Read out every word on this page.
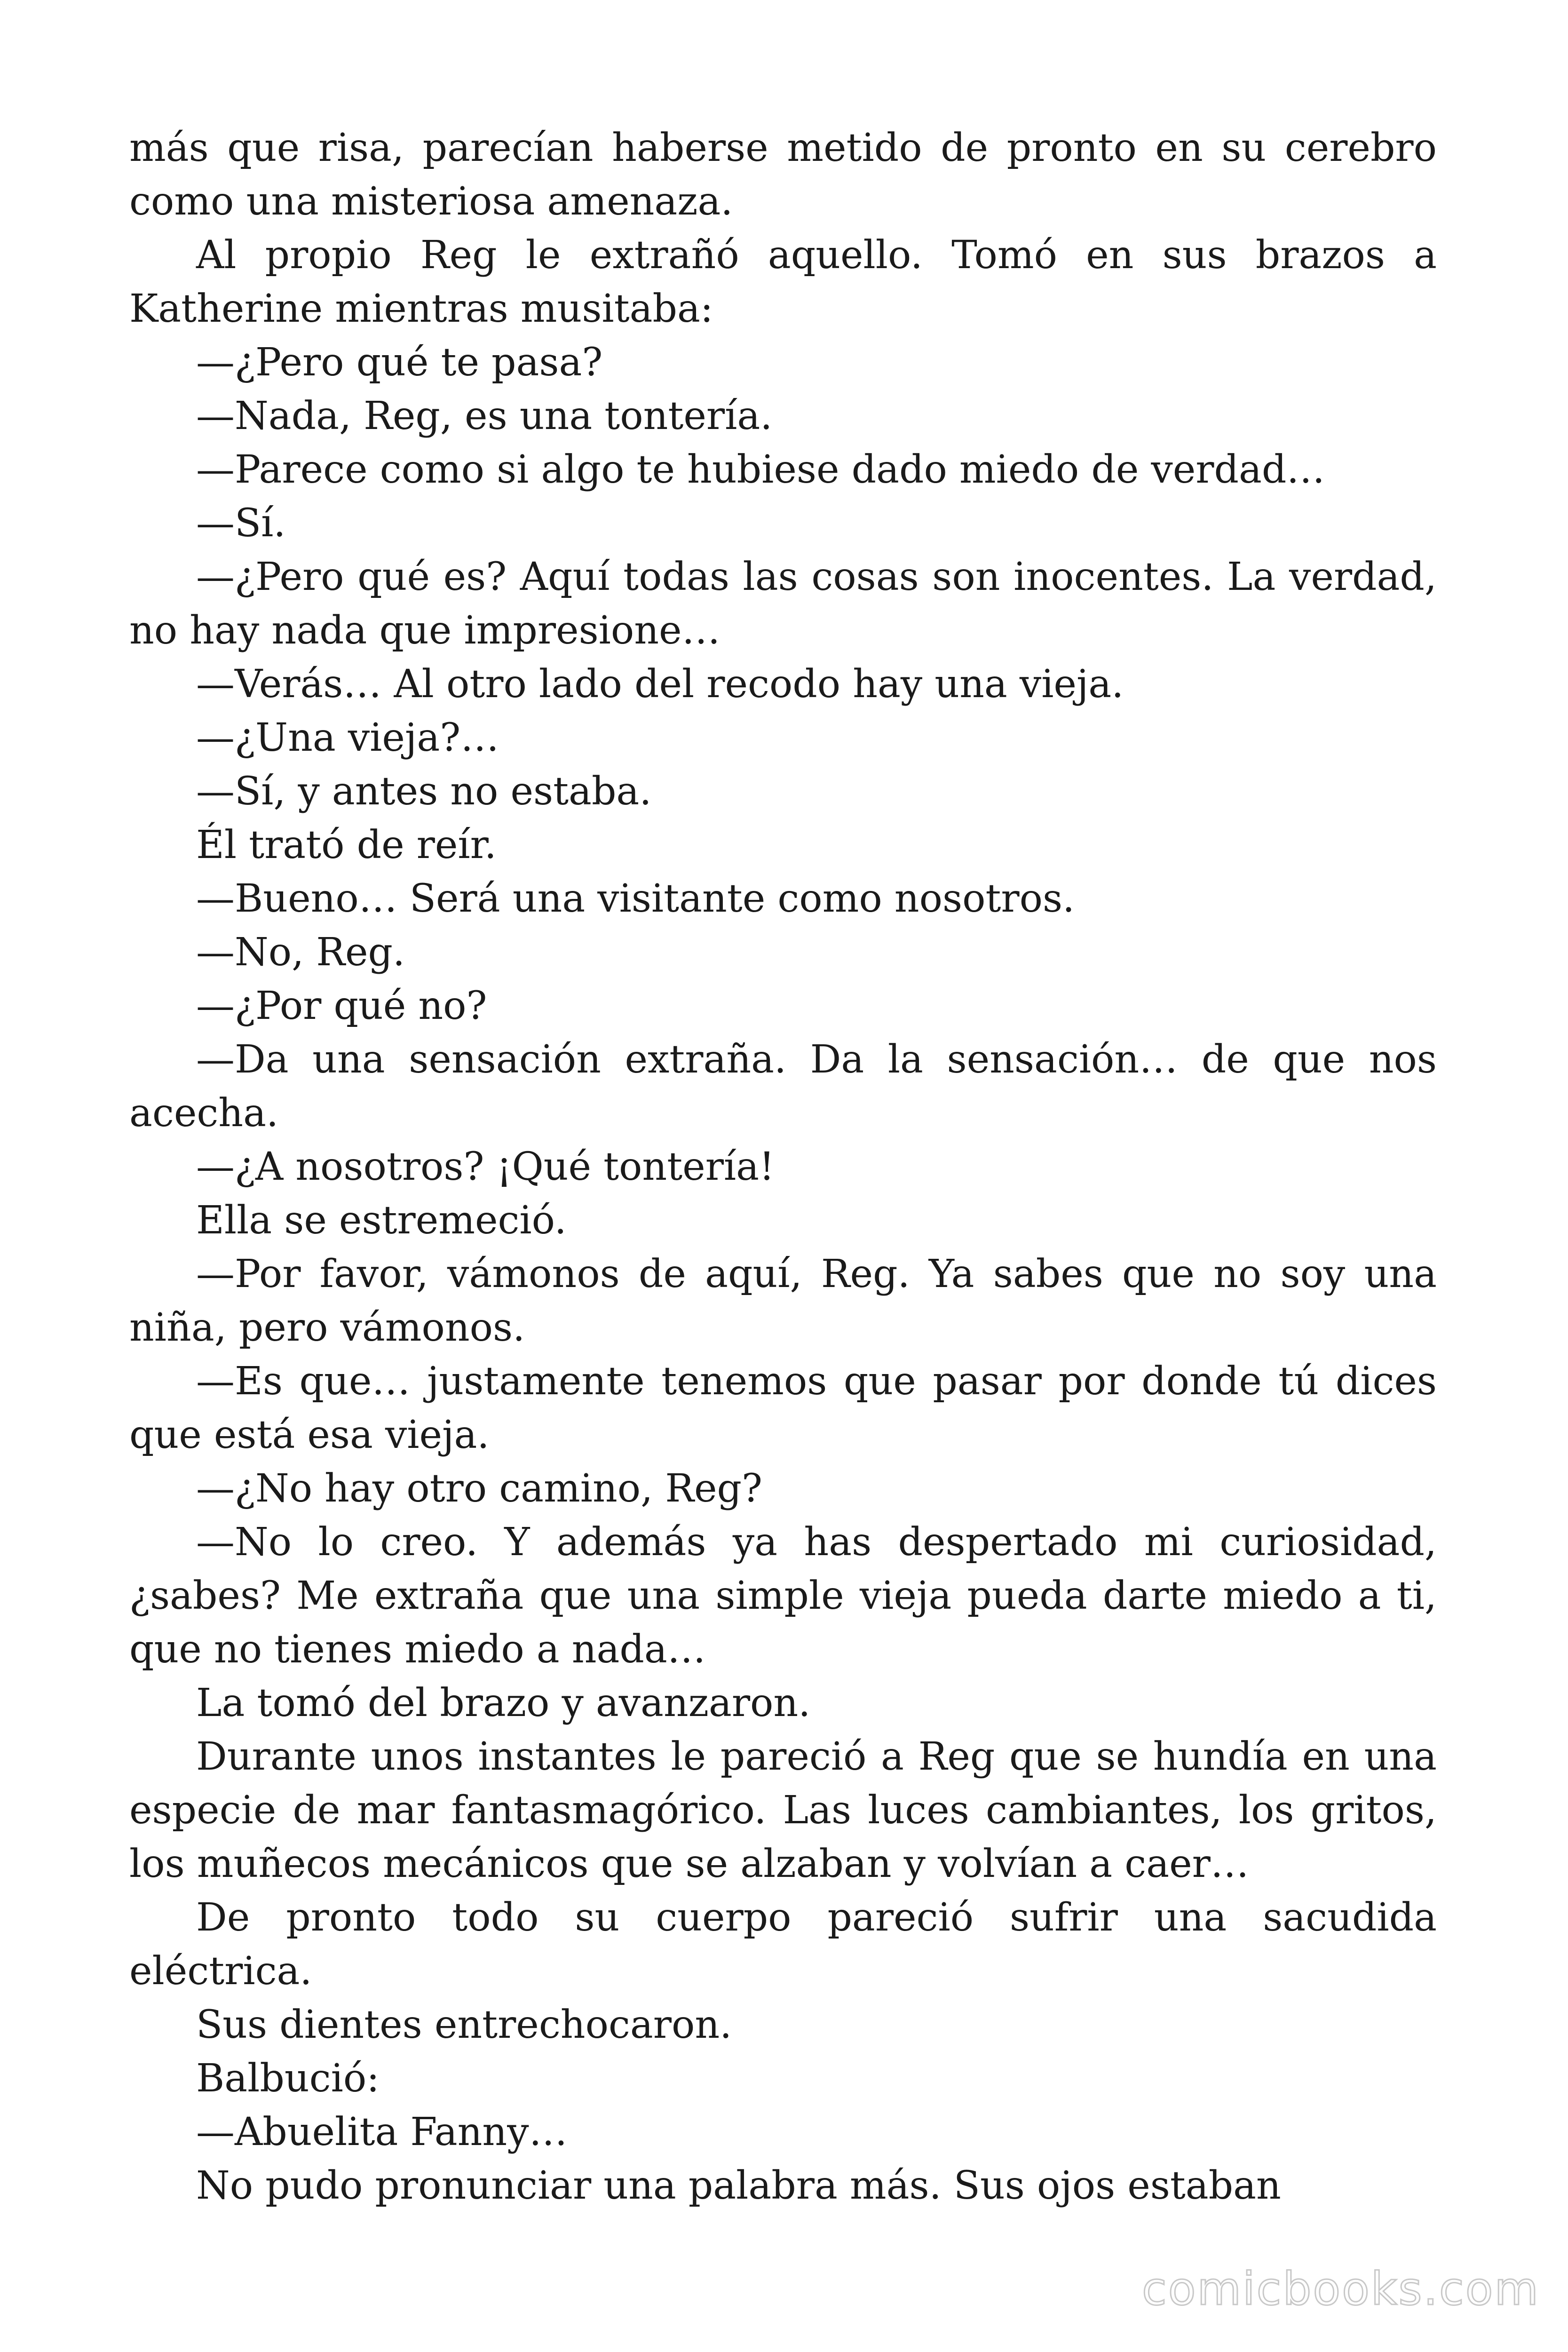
más que risa, parecían haberse metido de pronto en su cerebro como una misteriosa amenaza.

Al propio Reg le extrañó aquello. Tomó en sus brazos a Katherine mientras musitaba:

—¿Pero qué te pasa?

—Nada, Reg, es una tontería.

—Parece como si algo te hubiese dado miedo de verdad…

—Sí.

—¿Pero qué es? Aquí todas las cosas son inocentes. La verdad, no hay nada que impresione…

—Verás… Al otro lado del recodo hay una vieja.

—¿Una vieja?…

—Sí, y antes no estaba.

Él trató de reír.

—Bueno… Será una visitante como nosotros.

—No, Reg.

—¿Por qué no?

—Da una sensación extraña. Da la sensación… de que nos acecha.

—¿A nosotros? ¡Qué tontería!

Ella se estremeció.

—Por favor, vámonos de aquí, Reg. Ya sabes que no soy una niña, pero vámonos.

—Es que… justamente tenemos que pasar por donde tú dices que está esa vieja.

—¿No hay otro camino, Reg?

—No lo creo. Y además ya has despertado mi curiosidad, ¿sabes? Me extraña que una simple vieja pueda darte miedo a ti, que no tienes miedo a nada…

La tomó del brazo y avanzaron.

Durante unos instantes le pareció a Reg que se hundía en una especie de mar fantasmagórico. Las luces cambiantes, los gritos, los muñecos mecánicos que se alzaban y volvían a caer…

De pronto todo su cuerpo pareció sufrir una sacudida eléctrica.

Sus dientes entrechocaron.

Balbució:

—Abuelita Fanny…

No pudo pronunciar una palabra más. Sus ojos estaban

comicbooks.com
